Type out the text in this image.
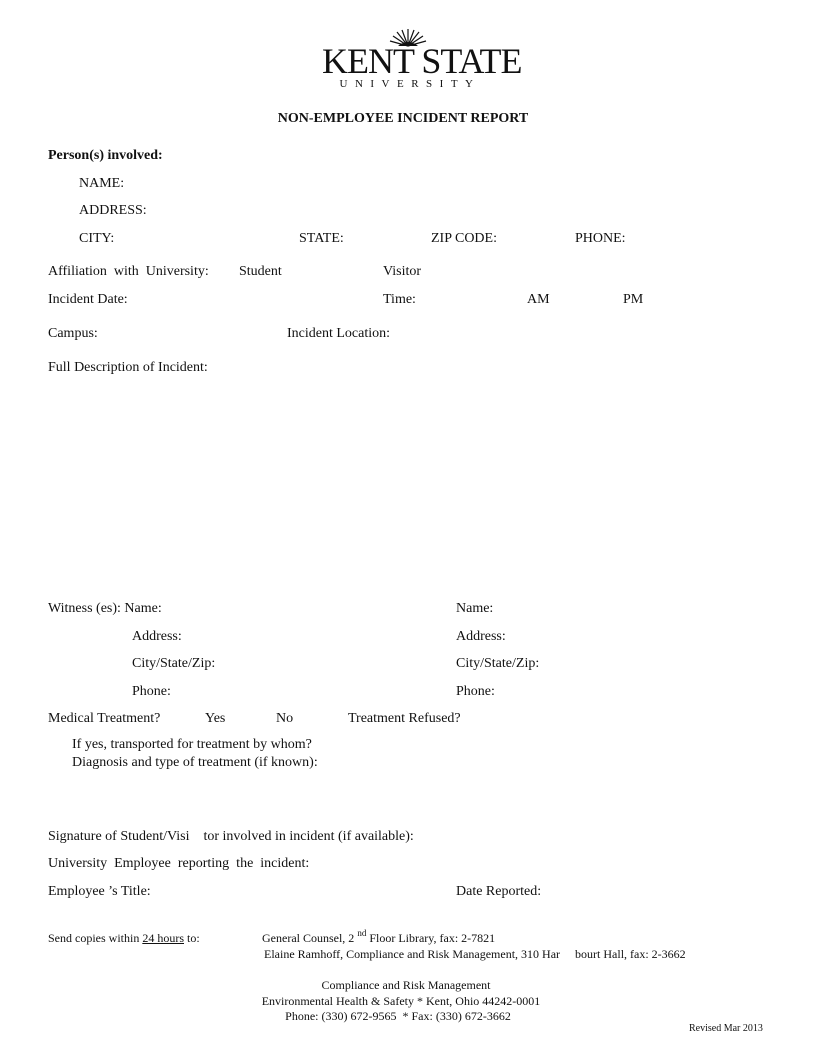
KENT STATE
UNIVERSITY
NON-EMPLOYEE INCIDENT REPORT
Person(s) involved:
NAME:
ADDRESS:
CITY:	STATE:	ZIP CODE:	PHONE:
Affiliation  with  University: Student	Visitor
Incident Date:	Time:	AM	PM
Campus:	Incident Location:
Full Description of Incident:
Witness (es): Name:	Name:
Address:	Address:
City/State/Zip:	City/State/Zip:
Phone:	Phone:
Medical Treatment?	Yes	No	Treatment Refused?
If yes, transported for treatment by whom?
Diagnosis and type of treatment (if known):
Signature of Student/Visi    tor involved in incident (if available):
University  Employee  reporting  the  incident:
Employee ’s Title:	Date Reported:
Send copies within 24 hours to:	General Counsel, 2 $^{nd}$ Floor Library, fax: 2-7821
Elaine Ramhoff, Compliance and Risk Management, 310 Har     bourt Hall, fax: 2-3662
Compliance and Risk Management
Environmental Health & Safety * Kent, Ohio 44242-0001
Phone: (330) 672-9565  * Fax: (330) 672-3662
Revised Mar 2013
